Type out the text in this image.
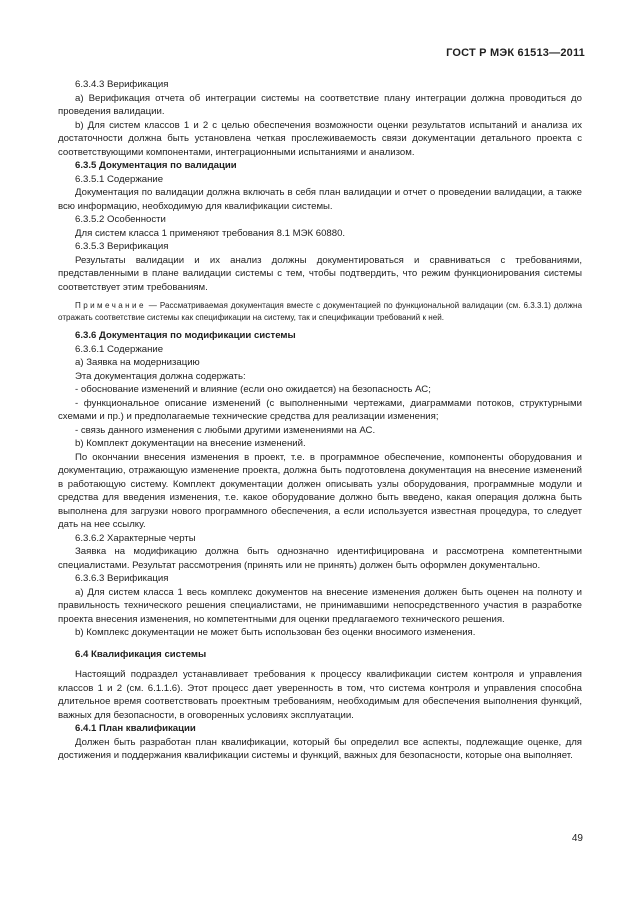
ГОСТ Р МЭК 61513—2011

6.3.4.3 Верификация

a) Верификация отчета об интеграции системы на соответствие плану интеграции должна проводиться до проведения валидации.

b) Для систем классов 1 и 2 с целью обеспечения возможности оценки результатов испытаний и анализа их достаточности должна быть установлена четкая прослеживаемость связи документации детального проекта с соответствующими компонентами, интеграционными испытаниями и анализом.

6.3.5 Документация по валидации

6.3.5.1 Содержание

Документация по валидации должна включать в себя план валидации и отчет о проведении валидации, а также всю информацию, необходимую для квалификации системы.

6.3.5.2 Особенности

Для систем класса 1 применяют требования 8.1 МЭК 60880.

6.3.5.3 Верификация

Результаты валидации и их анализ должны документироваться и сравниваться с требованиями, представленными в плане валидации системы с тем, чтобы подтвердить, что режим функционирования системы соответствует этим требованиям.

Примечание — Рассматриваемая документация вместе с документацией по функциональной валидации (см. 6.3.3.1) должна отражать соответствие системы как спецификации на систему, так и спецификации требований к ней.

6.3.6 Документация по модификации системы

6.3.6.1 Содержание

a) Заявка на модернизацию

Эта документация должна содержать:

- обоснование изменений и влияние (если оно ожидается) на безопасность АС;

- функциональное описание изменений (с выполненными чертежами, диаграммами потоков, структурными схемами и пр.) и предполагаемые технические средства для реализации изменения;

- связь данного изменения с любыми другими изменениями на АС.

b) Комплект документации на внесение изменений.

По окончании внесения изменения в проект, т.е. в программное обеспечение, компоненты оборудования и документацию, отражающую изменение проекта, должна быть подготовлена документация на внесение изменений в работающую систему. Комплект документации должен описывать узлы оборудования, программные модули и средства для введения изменения, т.е. какое оборудование должно быть введено, какая операция должна быть выполнена для загрузки нового программного обеспечения, а если используется известная процедура, то следует дать на нее ссылку.

6.3.6.2 Характерные черты

Заявка на модификацию должна быть однозначно идентифицирована и рассмотрена компетентными специалистами. Результат рассмотрения (принять или не принять) должен быть оформлен документально.

6.3.6.3 Верификация

a) Для систем класса 1 весь комплекс документов на внесение изменения должен быть оценен на полноту и правильность технического решения специалистами, не принимавшими непосредственного участия в разработке проекта внесения изменения, но компетентными для оценки предлагаемого технического решения.

b) Комплекс документации не может быть использован без оценки вносимого изменения.

6.4 Квалификация системы

Настоящий подраздел устанавливает требования к процессу квалификации систем контроля и управления классов 1 и 2 (см. 6.1.1.6). Этот процесс дает уверенность в том, что система контроля и управления способна длительное время соответствовать проектным требованиям, необходимым для обеспечения выполнения функций, важных для безопасности, в оговоренных условиях эксплуатации.

6.4.1 План квалификации

Должен быть разработан план квалификации, который бы определил все аспекты, подлежащие оценке, для достижения и поддержания квалификации системы и функций, важных для безопасности, которые она выполняет.

49
